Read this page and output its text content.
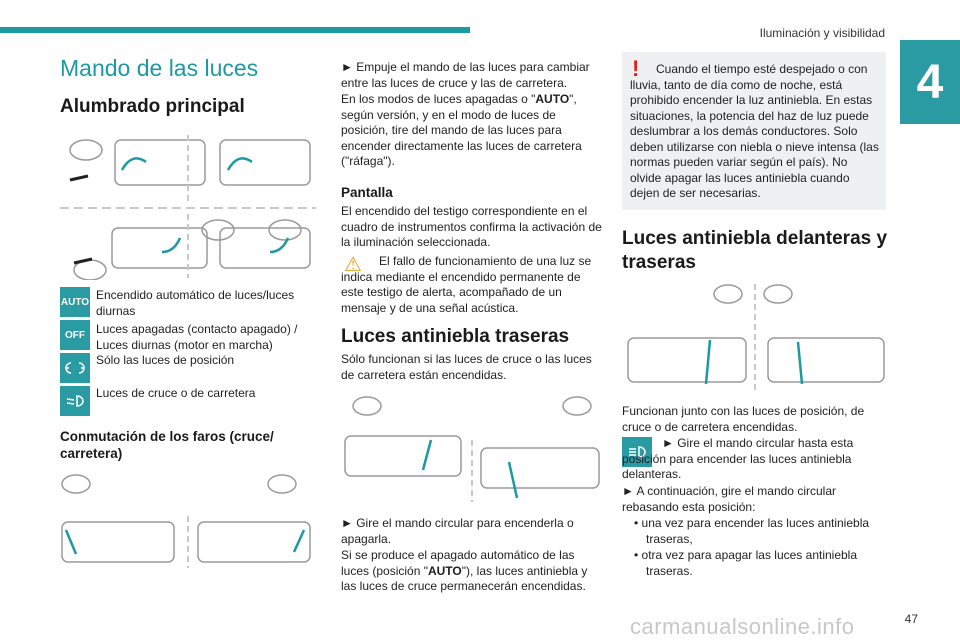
Iluminación y visibilidad
4
Mando de las luces
Alumbrado principal
AUTO Encendido automático de luces/luces diurnas
OFF Luces apagadas (contacto apagado) / Luces diurnas (motor en marcha)
Sólo las luces de posición
Luces de cruce o de carretera
Conmutación de los faros (cruce/ carretera)
► Empuje el mando de las luces para cambiar entre las luces de cruce y las de carretera.
En los modos de luces apagadas o "AUTO", según versión, y en el modo de luces de posición, tire del mando de las luces para encender directamente las luces de carretera ("ráfaga").
Pantalla
El encendido del testigo correspondiente en el cuadro de instrumentos confirma la activación de la iluminación seleccionada.
⚠	El fallo de funcionamiento de una luz se indica mediante el encendido permanente de este testigo de alerta, acompañado de un mensaje y de una señal acústica.
Luces antiniebla traseras
Sólo funcionan si las luces de cruce o las luces de carretera están encendidas.
► Gire el mando circular para encenderla o apagarla.
Si se produce el apagado automático de las luces (posición "AUTO"), las luces antiniebla y las luces de cruce permanecerán encendidas.
!	Cuando el tiempo esté despejado o con lluvia, tanto de día como de noche, está prohibido encender la luz antiniebla. En estas situaciones, la potencia del haz de luz puede deslumbrar a los demás conductores. Solo deben utilizarse con niebla o nieve intensa (las normas pueden variar según el país). No olvide apagar las luces antiniebla cuando dejen de ser necesarias.
Luces antiniebla delanteras y traseras
Funcionan junto con las luces de posición, de cruce o de carretera encendidas.
► Gire el mando circular hasta esta posición para encender las luces antiniebla delanteras.
► A continuación, gire el mando circular rebasando esta posición:
• una vez para encender las luces antiniebla traseras,
• otra vez para apagar las luces antiniebla traseras.
carmanualsonline.info	47
